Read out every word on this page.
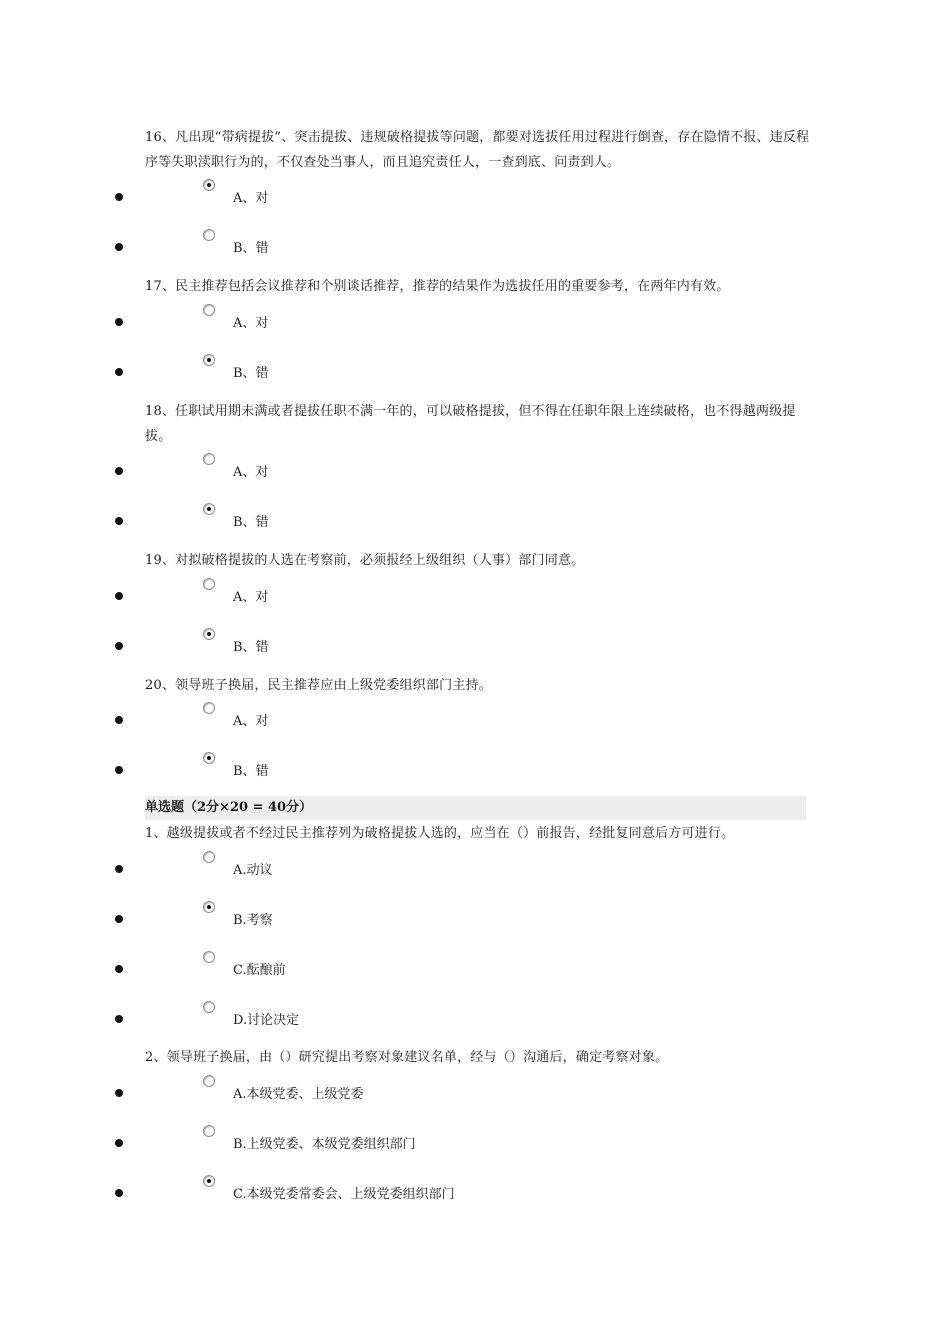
16、凡出现“带病提拔”、突击提拔、违规破格提拔等问题，都要对选拔任用过程进行倒查，存在隐情不报、违反程序等失职渎职行为的，不仅查处当事人，而且追究责任人，一查到底、问责到人。
A、对
B、错
17、民主推荐包括会议推荐和个别谈话推荐，推荐的结果作为选拔任用的重要参考，在两年内有效。
A、对
B、错
18、任职试用期未满或者提拔任职不满一年的，可以破格提拔，但不得在任职年限上连续破格，也不得越两级提拔。
A、对
B、错
19、对拟破格提拔的人选在考察前，必须报经上级组织（人事）部门同意。
A、对
B、错
20、领导班子换届，民主推荐应由上级党委组织部门主持。
A、对
B、错
单选题（2分×20 = 40分）
1、越级提拔或者不经过民主推荐列为破格提拔人选的，应当在（）前报告，经批复同意后方可进行。
A.动议
B.考察
C.酝酿前
D.讨论决定
2、领导班子换届，由（）研究提出考察对象建议名单，经与（）沟通后，确定考察对象。
A.本级党委、上级党委
B.上级党委、本级党委组织部门
C.本级党委常委会、上级党委组织部门
